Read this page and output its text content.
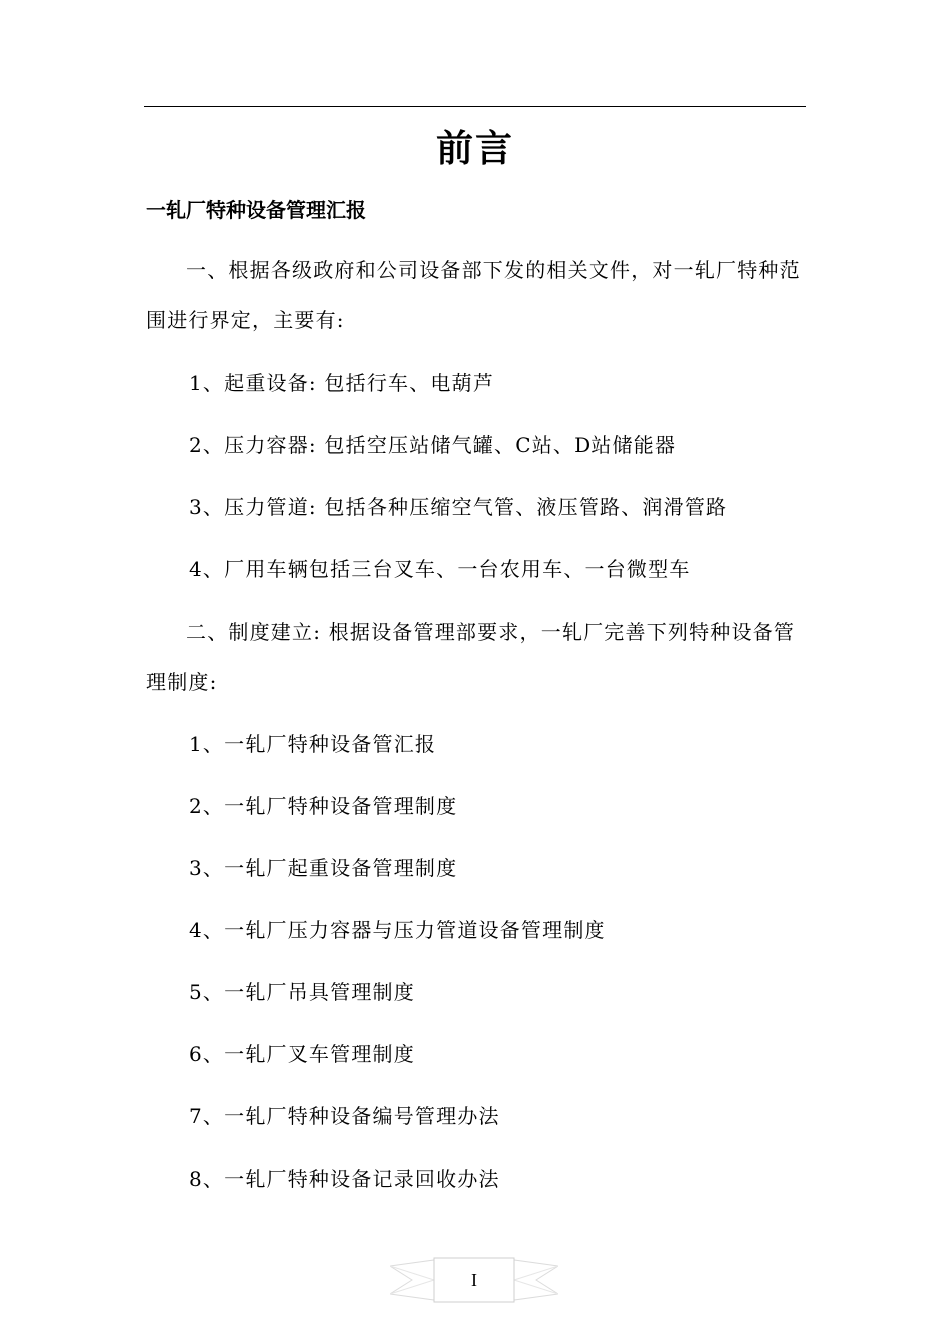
前言
一轧厂特种设备管理汇报

一、根据各级政府和公司设备部下发的相关文件，对一轧厂特种范围进行界定，主要有:

1、起重设备: 包括行车、电葫芦

2、压力容器: 包括空压站储气罐、C站、D站储能器

3、压力管道: 包括各种压缩空气管、液压管路、润滑管路

4、厂用车辆包括三台叉车、一台农用车、一台微型车

二、制度建立: 根据设备管理部要求，一轧厂完善下列特种设备管理制度:

1、一轧厂特种设备管汇报

2、一轧厂特种设备管理制度

3、一轧厂起重设备管理制度

4、一轧厂压力容器与压力管道设备管理制度

5、一轧厂吊具管理制度

6、一轧厂叉车管理制度

7、一轧厂特种设备编号管理办法

8、一轧厂特种设备记录回收办法

I
